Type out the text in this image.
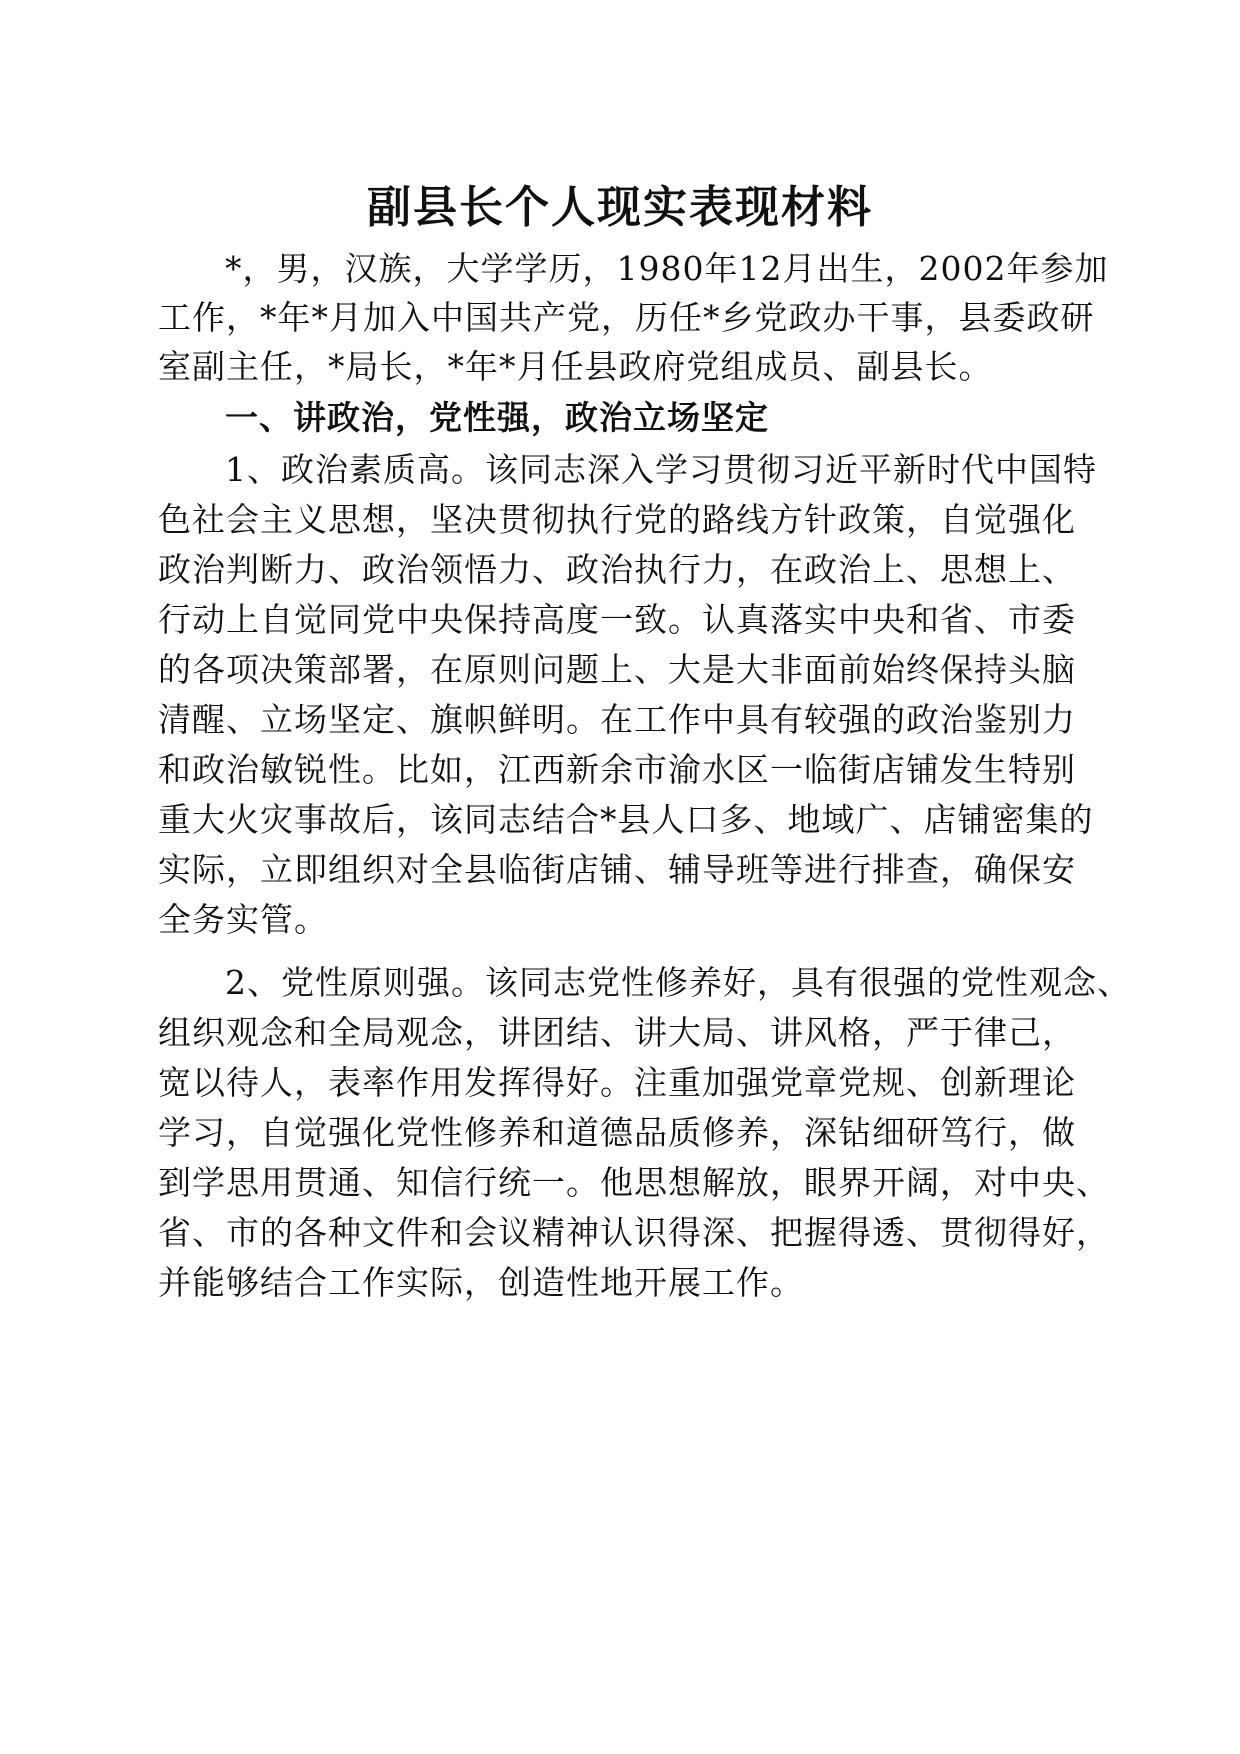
副县长个人现实表现材料
*，男，汉族，大学学历，1980年12月出生，2002年参加
工作，*年*月加入中国共产党，历任*乡党政办干事，县委政研
室副主任，*局长，*年*月任县政府党组成员、副县长。
一、讲政治，党性强，政治立场坚定
1、政治素质高。该同志深入学习贯彻习近平新时代中国特
色社会主义思想，坚决贯彻执行党的路线方针政策，自觉强化
政治判断力、政治领悟力、政治执行力，在政治上、思想上、
行动上自觉同党中央保持高度一致。认真落实中央和省、市委
的各项决策部署，在原则问题上、大是大非面前始终保持头脑
清醒、立场坚定、旗帜鲜明。在工作中具有较强的政治鉴别力
和政治敏锐性。比如，江西新余市渝水区一临街店铺发生特别
重大火灾事故后，该同志结合*县人口多、地域广、店铺密集的
实际，立即组织对全县临街店铺、辅导班等进行排查，确保安
全务实管。
2、党性原则强。该同志党性修养好，具有很强的党性观念、
组织观念和全局观念，讲团结、讲大局、讲风格，严于律己，
宽以待人，表率作用发挥得好。注重加强党章党规、创新理论
学习，自觉强化党性修养和道德品质修养，深钻细研笃行，做
到学思用贯通、知信行统一。他思想解放，眼界开阔，对中央、
省、市的各种文件和会议精神认识得深、把握得透、贯彻得好，
并能够结合工作实际，创造性地开展工作。
